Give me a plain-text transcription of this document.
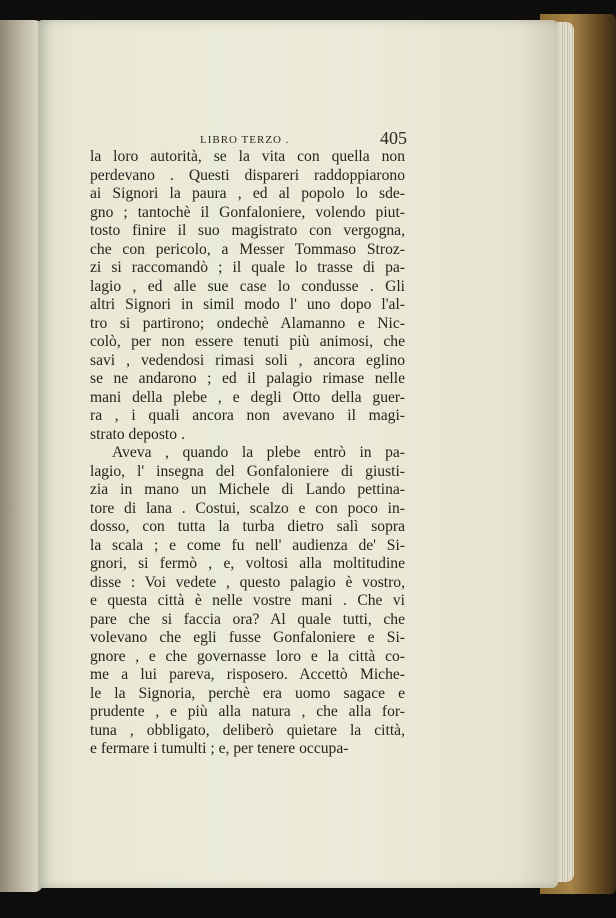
LIBRO TERZO .	405
la loro autorità, se la vita con quella non
perdevano . Questi dispareri raddoppiarono
ai Signori la paura , ed al popolo lo sde-
gno ; tantochè il Gonfaloniere, volendo piut-
tosto finire il suo magistrato con vergogna,
che con pericolo, a Messer Tommaso Stroz-
zi si raccomandò ; il quale lo trasse di pa-
lagio , ed alle sue case lo condusse . Gli
altri Signori in simil modo l' uno dopo l'al-
tro si partirono; ondechè Alamanno e Nic-
colò, per non essere tenuti più animosi, che
savi , vedendosi rimasi soli , ancora eglino
se ne andarono ; ed il palagio rimase nelle
mani della plebe , e degli Otto della guer-
ra , i quali ancora non avevano il magi-
strato deposto .
Aveva , quando la plebe entrò in pa-
lagio, l' insegna del Gonfaloniere di giusti-
zia in mano un Michele di Lando pettina-
tore di lana . Costui, scalzo e con poco in-
dosso, con tutta la turba dietro salì sopra
la scala ; e come fu nell' audienza de' Si-
gnori, si fermò , e, voltosi alla moltitudine
disse : Voi vedete , questo palagio è vostro,
e questa città è nelle vostre mani . Che vi
pare che si faccia ora? Al quale tutti, che
volevano che egli fusse Gonfaloniere e Si-
gnore , e che governasse loro e la città co-
me a lui pareva, risposero. Accettò Miche-
le la Signoria, perchè era uomo sagace e
prudente , e più alla natura , che alla for-
tuna , obbligato, deliberò quietare la città,
e fermare i tumulti ; e, per tenere occupa-
